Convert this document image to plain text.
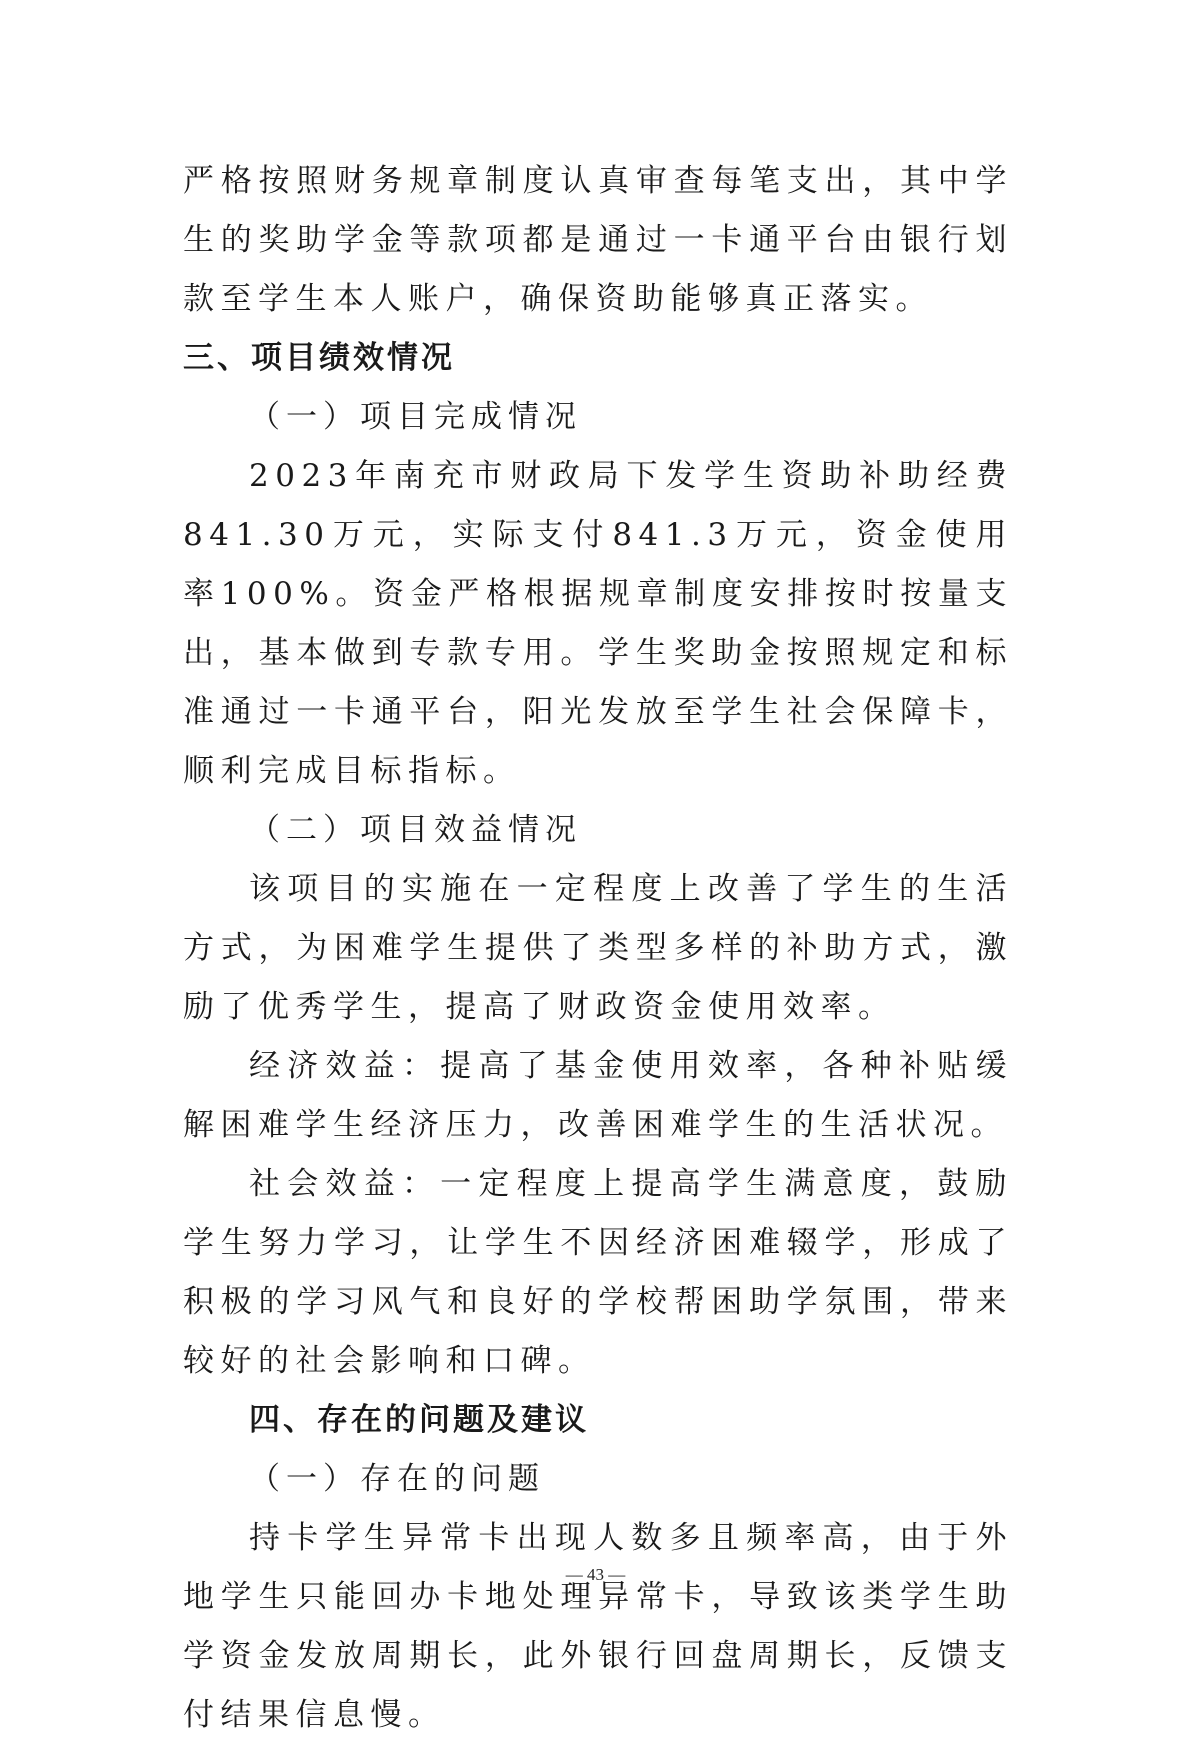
严格按照财务规章制度认真审查每笔支出，其中学生的奖助学金等款项都是通过一卡通平台由银行划款至学生本人账户，确保资助能够真正落实。

三、项目绩效情况
（一）项目完成情况

2023年南充市财政局下发学生资助补助经费841.30万元，实际支付841.3万元，资金使用率100%。资金严格根据规章制度安排按时按量支出，基本做到专款专用。学生奖助金按照规定和标准通过一卡通平台，阳光发放至学生社会保障卡，顺利完成目标指标。

（二）项目效益情况

该项目的实施在一定程度上改善了学生的生活方式，为困难学生提供了类型多样的补助方式，激励了优秀学生，提高了财政资金使用效率。

经济效益：提高了基金使用效率，各种补贴缓解困难学生经济压力，改善困难学生的生活状况。

社会效益：一定程度上提高学生满意度，鼓励学生努力学习，让学生不因经济困难辍学，形成了积极的学习风气和良好的学校帮困助学氛围，带来较好的社会影响和口碑。

四、存在的问题及建议
（一）存在的问题

持卡学生异常卡出现人数多且频率高，由于外地学生只能回办卡地处理异常卡，导致该类学生助学资金发放周期长，此外银行回盘周期长，反馈支付结果信息慢。

— 43 —
